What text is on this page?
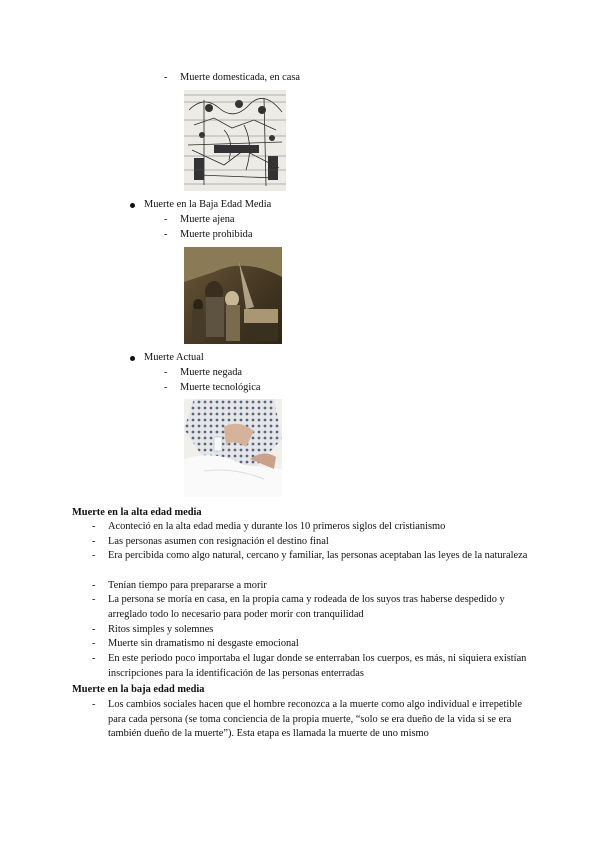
- Muerte domesticada, en casa
Muerte en la Baja Edad Media
- Muerte ajena
- Muerte prohibida
Muerte Actual
- Muerte negada
- Muerte tecnológica
Muerte en la alta edad media
- Aconteció en la alta edad media y durante los 10 primeros siglos del cristianismo
- Las personas asumen con resignación el destino final
- Era percibida como algo natural, cercano y familiar, las personas aceptaban las leyes de la naturaleza
- Tenían tiempo para prepararse a morir
- La persona se moría en casa, en la propia cama y rodeada de los suyos tras haberse despedido y arreglado todo lo necesario para poder morir con tranquilidad
- Ritos simples y solemnes
- Muerte sin dramatismo ni desgaste emocional
- En este periodo poco importaba el lugar donde se enterraban los cuerpos, es más, ni siquiera existían inscripciones para la identificación de las personas enterradas
Muerte en la baja edad media
- Los cambios sociales hacen que el hombre reconozca a la muerte como algo individual e irrepetible para cada persona (se toma conciencia de la propia muerte, “solo se era dueño de la vida si se era también dueño de la muerte”). Esta etapa es llamada la muerte de uno mismo
